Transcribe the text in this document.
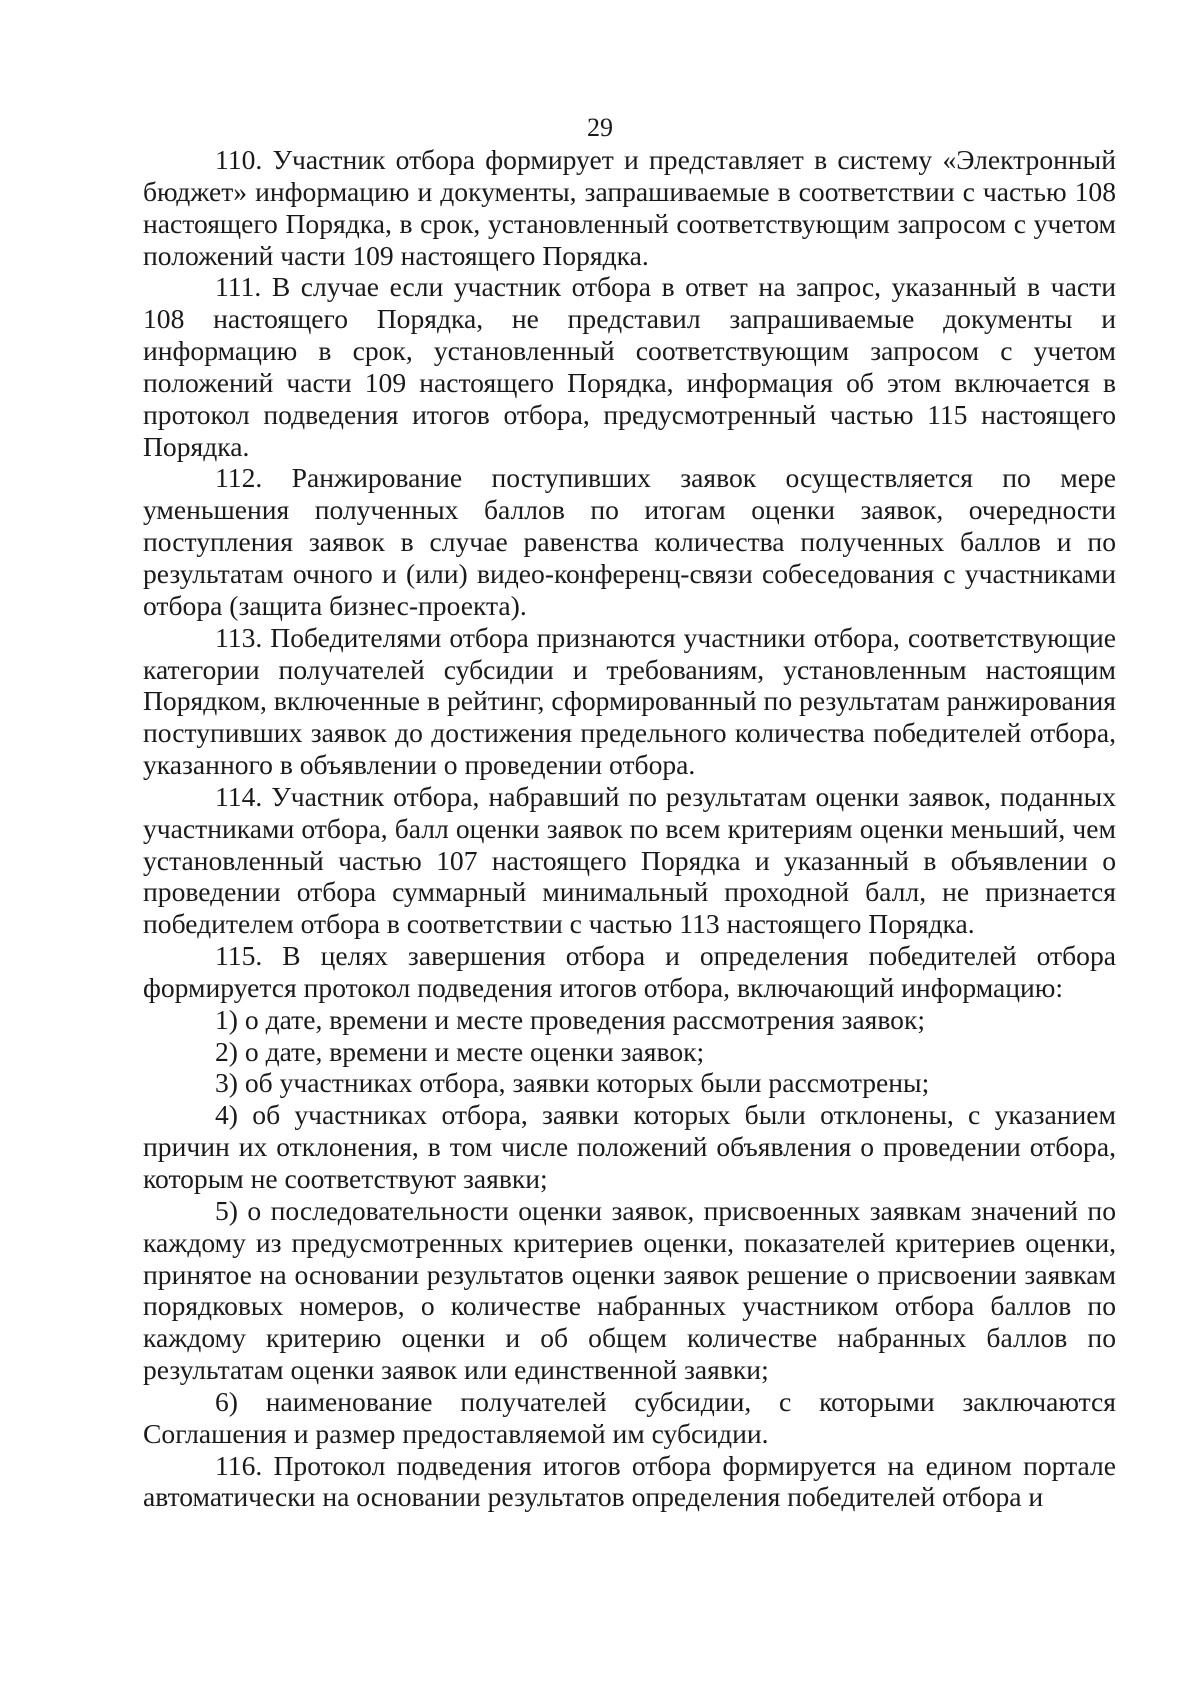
29

110. Участник отбора формирует и представляет в систему «Электронный бюджет» информацию и документы, запрашиваемые в соответствии с частью 108 настоящего Порядка, в срок, установленный соответствующим запросом с учетом положений части 109 настоящего Порядка.

111. В случае если участник отбора в ответ на запрос, указанный в части 108 настоящего Порядка, не представил запрашиваемые документы и информацию в срок, установленный соответствующим запросом с учетом положений части 109 настоящего Порядка, информация об этом включается в протокол подведения итогов отбора, предусмотренный частью 115 настоящего Порядка.

112. Ранжирование поступивших заявок осуществляется по мере уменьшения полученных баллов по итогам оценки заявок, очередности поступления заявок в случае равенства количества полученных баллов и по результатам очного и (или) видео-конференц-связи собеседования с участниками отбора (защита бизнес-проекта).

113. Победителями отбора признаются участники отбора, соответствующие категории получателей субсидии и требованиям, установленным настоящим Порядком, включенные в рейтинг, сформированный по результатам ранжирования поступивших заявок до достижения предельного количества победителей отбора, указанного в объявлении о проведении отбора.

114. Участник отбора, набравший по результатам оценки заявок, поданных участниками отбора, балл оценки заявок по всем критериям оценки меньший, чем установленный частью 107 настоящего Порядка и указанный в объявлении о проведении отбора суммарный минимальный проходной балл, не признается победителем отбора в соответствии с частью 113 настоящего Порядка.

115. В целях завершения отбора и определения победителей отбора формируется протокол подведения итогов отбора, включающий информацию:

1) о дате, времени и месте проведения рассмотрения заявок;

2) о дате, времени и месте оценки заявок;

3) об участниках отбора, заявки которых были рассмотрены;

4) об участниках отбора, заявки которых были отклонены, с указанием причин их отклонения, в том числе положений объявления о проведении отбора, которым не соответствуют заявки;

5) о последовательности оценки заявок, присвоенных заявкам значений по каждому из предусмотренных критериев оценки, показателей критериев оценки, принятое на основании результатов оценки заявок решение о присвоении заявкам порядковых номеров, о количестве набранных участником отбора баллов по каждому критерию оценки и об общем количестве набранных баллов по результатам оценки заявок или единственной заявки;

6) наименование получателей субсидии, с которыми заключаются Соглашения и размер предоставляемой им субсидии.

116. Протокол подведения итогов отбора формируется на едином портале автоматически на основании результатов определения победителей отбора и
